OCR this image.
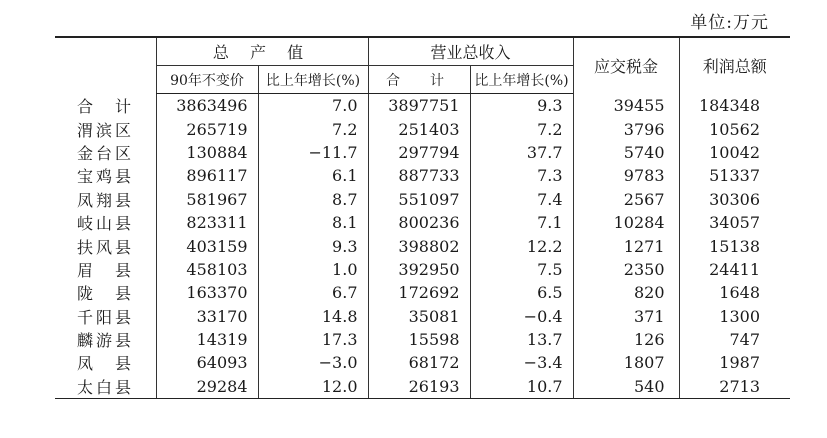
单位:万元
	总 产 值		营业总收入		应交税金	利润总额
	90年不变价	比上年增长(%)	合　计	比上年增长(%)		
合　计	3863496	7.0	3897751	9.3	39455	184348
渭滨区	265719	7.2	251403	7.2	3796	10562
金台区	130884	−11.7	297794	37.7	5740	10042
宝鸡县	896117	6.1	887733	7.3	9783	51337
凤翔县	581967	8.7	551097	7.4	2567	30306
岐山县	823311	8.1	800236	7.1	10284	34057
扶风县	403159	9.3	398802	12.2	1271	15138
眉　县	458103	1.0	392950	7.5	2350	24411
陇　县	163370	6.7	172692	6.5	820	1648
千阳县	33170	14.8	35081	−0.4	371	1300
麟游县	14319	17.3	15598	13.7	126	747
凤　县	64093	−3.0	68172	−3.4	1807	1987
太白县	29284	12.0	26193	10.7	540	2713
